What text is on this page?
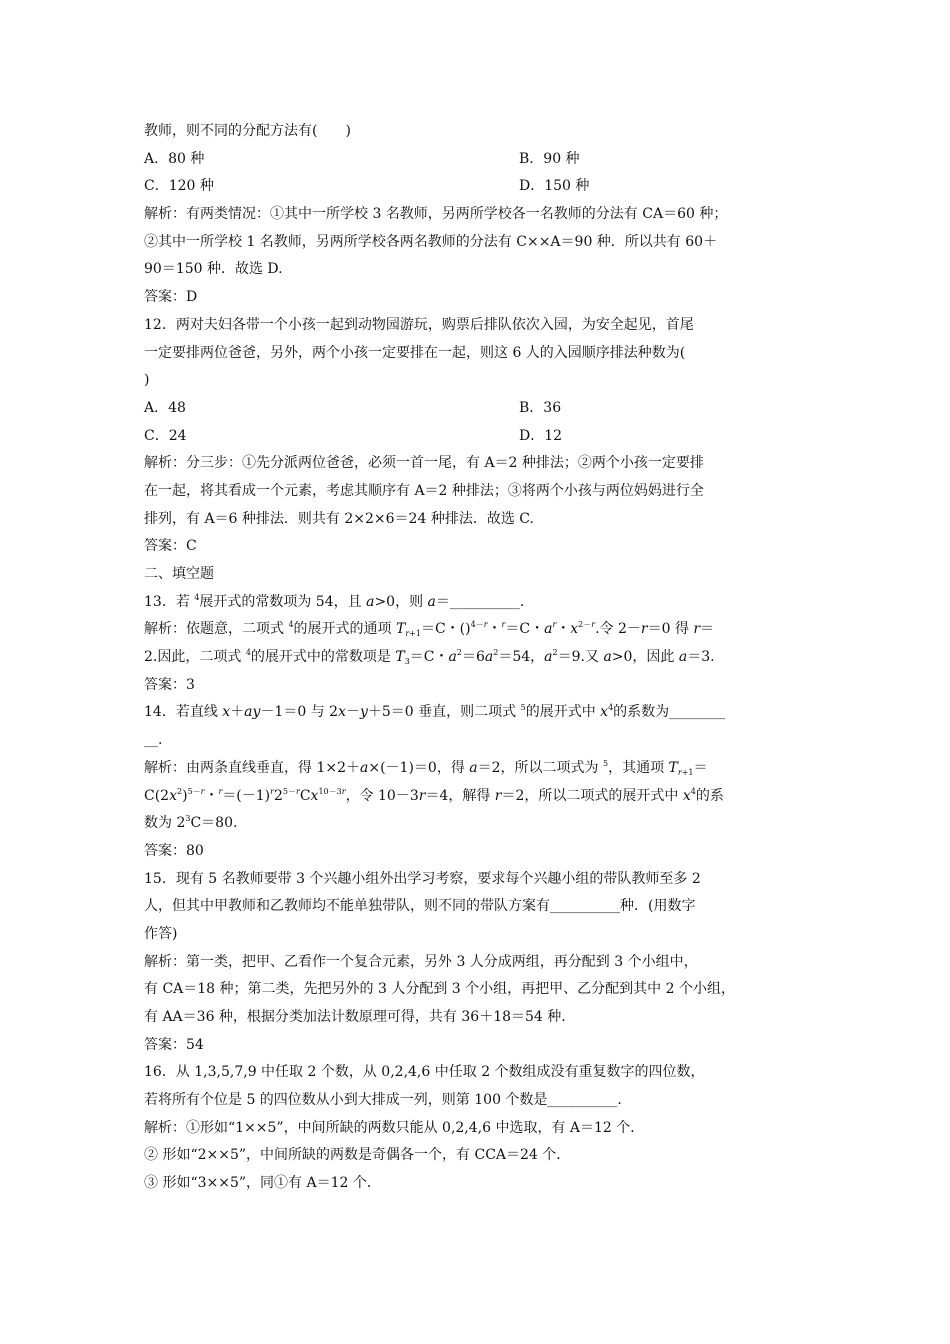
教师，则不同的分配方法有(　　)
A．80 种	B．90 种
C．120 种	D．150 种
解析：有两类情况：①其中一所学校 3 名教师，另两所学校各一名教师的分法有 CA＝60 种；
②其中一所学校 1 名教师，另两所学校各两名教师的分法有 C××A＝90 种．所以共有 60＋
90＝150 种．故选 D.
答案：D
12．两对夫妇各带一个小孩一起到动物园游玩，购票后排队依次入园，为安全起见，首尾
一定要排两位爸爸，另外，两个小孩一定要排在一起，则这 6 人的入园顺序排法种数为(
)
A．48	B．36
C．24	D．12
解析：分三步：①先分派两位爸爸，必须一首一尾，有 A＝2 种排法；②两个小孩一定要排
在一起，将其看成一个元素，考虑其顺序有 A＝2 种排法；③将两个小孩与两位妈妈进行全
排列，有 A＝6 种排法．则共有 2×2×6＝24 种排法．故选 C.
答案：C
二、填空题
13．若 $^4$展开式的常数项为 54，且 a>0，则 a＝__________.
解析：依题意，二项式 $^4$的展开式的通项 $T_{r+1}=C$・()$^{4-r}$・$^r$＝C・$a^r$・$x^{2-r}$.令 2－r＝0 得 r＝
2.因此，二项式 $^4$的展开式中的常数项是 $T_3=C$・$a^2=6a^2=54$，$a^2=9$.又 a>0，因此 a＝3.
答案：3
14．若直线 x＋ay－1＝0 与 2x－y＋5＝0 垂直，则二项式 $^5$的展开式中 $x^4$的系数为________
__.
解析：由两条直线垂直，得 1×2＋a×(－1)＝0，得 a＝2，所以二项式为 $^5$，其通项 $T_{r+1}=$
$C(2x^2)^{5-r}$・$^r=(-1)^r2^{5-r}Cx^{10-3r}$，令 10－3r＝4，解得 r＝2，所以二项式的展开式中 $x^4$的系
数为 $2^3C=80$.
答案：80
15．现有 5 名教师要带 3 个兴趣小组外出学习考察，要求每个兴趣小组的带队教师至多 2
人，但其中甲教师和乙教师均不能单独带队，则不同的带队方案有__________种．(用数字
作答)
解析：第一类，把甲、乙看作一个复合元素，另外 3 人分成两组，再分配到 3 个小组中，
有 CA＝18 种；第二类，先把另外的 3 人分配到 3 个小组，再把甲、乙分配到其中 2 个小组，
有 AA＝36 种，根据分类加法计数原理可得，共有 36＋18＝54 种．
答案：54
16．从 1,3,5,7,9 中任取 2 个数，从 0,2,4,6 中任取 2 个数组成没有重复数字的四位数，
若将所有个位是 5 的四位数从小到大排成一列，则第 100 个数是__________．
解析：①形如“1××5”，中间所缺的两数只能从 0,2,4,6 中选取，有 A＝12 个．
② 形如“2××5”，中间所缺的两数是奇偶各一个，有 CCA＝24 个．
③ 形如“3××5”，同①有 A＝12 个．
